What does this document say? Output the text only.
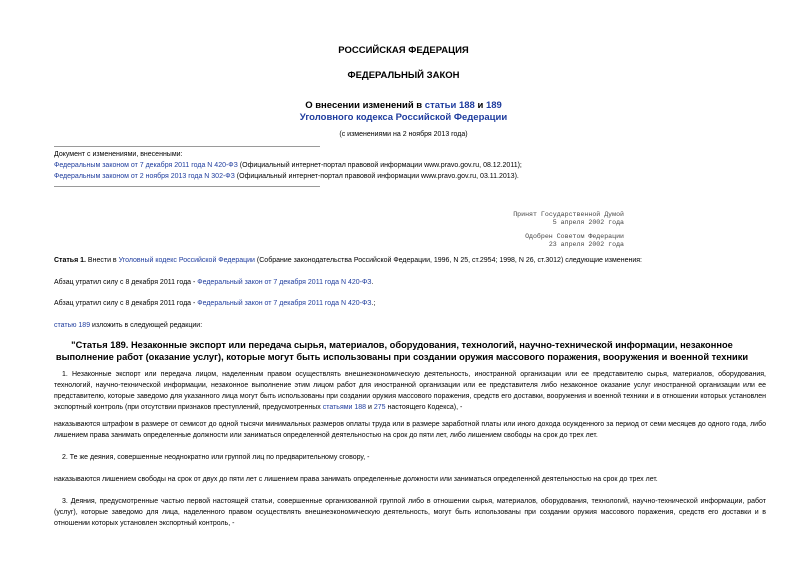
РОССИЙСКАЯ ФЕДЕРАЦИЯ
ФЕДЕРАЛЬНЫЙ ЗАКОН
О внесении изменений в статьи 188 и 189
Уголовного кодекса Российской Федерации
(с изменениями на 2 ноября 2013 года)
Документ с изменениями, внесенными:
Федеральным законом от 7 декабря 2011 года N 420-ФЗ (Официальный интернет-портал правовой информации www.pravo.gov.ru, 08.12.2011);
Федеральным законом от 2 ноября 2013 года N 302-ФЗ (Официальный интернет-портал правовой информации www.pravo.gov.ru, 03.11.2013).
Принят Государственной Думой
5 апреля 2002 года
Одобрен Советом Федерации
23 апреля 2002 года
Статья 1. Внести в Уголовный кодекс Российской Федерации (Собрание законодательства Российской Федерации, 1996, N 25, ст.2954; 1998, N 26, ст.3012) следующие изменения:
Абзац утратил силу с 8 декабря 2011 года - Федеральный закон от 7 декабря 2011 года N 420-ФЗ.
Абзац утратил силу с 8 декабря 2011 года - Федеральный закон от 7 декабря 2011 года N 420-ФЗ.;
статью 189 изложить в следующей редакции:
"Статья 189. Незаконные экспорт или передача сырья, материалов, оборудования, технологий, научно-технической информации, незаконное выполнение работ (оказание услуг), которые могут быть использованы при создании оружия массового поражения, вооружения и военной техники
1. Незаконные экспорт или передача лицом, наделенным правом осуществлять внешнеэкономическую деятельность, иностранной организации или ее представителю сырья, материалов, оборудования, технологий, научно-технической информации, незаконное выполнение этим лицом работ для иностранной организации или ее представителя либо незаконное оказание услуг иностранной организации или ее представителю, которые заведомо для указанного лица могут быть использованы при создании оружия массового поражения, средств его доставки, вооружения и военной техники и в отношении которых установлен экспортный контроль (при отсутствии признаков преступлений, предусмотренных статьями 188 и 275 настоящего Кодекса), -
наказываются штрафом в размере от семисот до одной тысячи минимальных размеров оплаты труда или в размере заработной платы или иного дохода осужденного за период от семи месяцев до одного года, либо лишением права занимать определенные должности или заниматься определенной деятельностью на срок до пяти лет, либо лишением свободы на срок до трех лет.
2. Те же деяния, совершенные неоднократно или группой лиц по предварительному сговору, -
наказываются лишением свободы на срок от двух до пяти лет с лишением права занимать определенные должности или заниматься определенной деятельностью на срок до трех лет.
3. Деяния, предусмотренные частью первой настоящей статьи, совершенные организованной группой либо в отношении сырья, материалов, оборудования, технологий, научно-технической информации, работ (услуг), которые заведомо для лица, наделенного правом осуществлять внешнеэкономическую деятельность, могут быть использованы при создании оружия массового поражения, средств его доставки и в отношении которых установлен экспортный контроль, -
